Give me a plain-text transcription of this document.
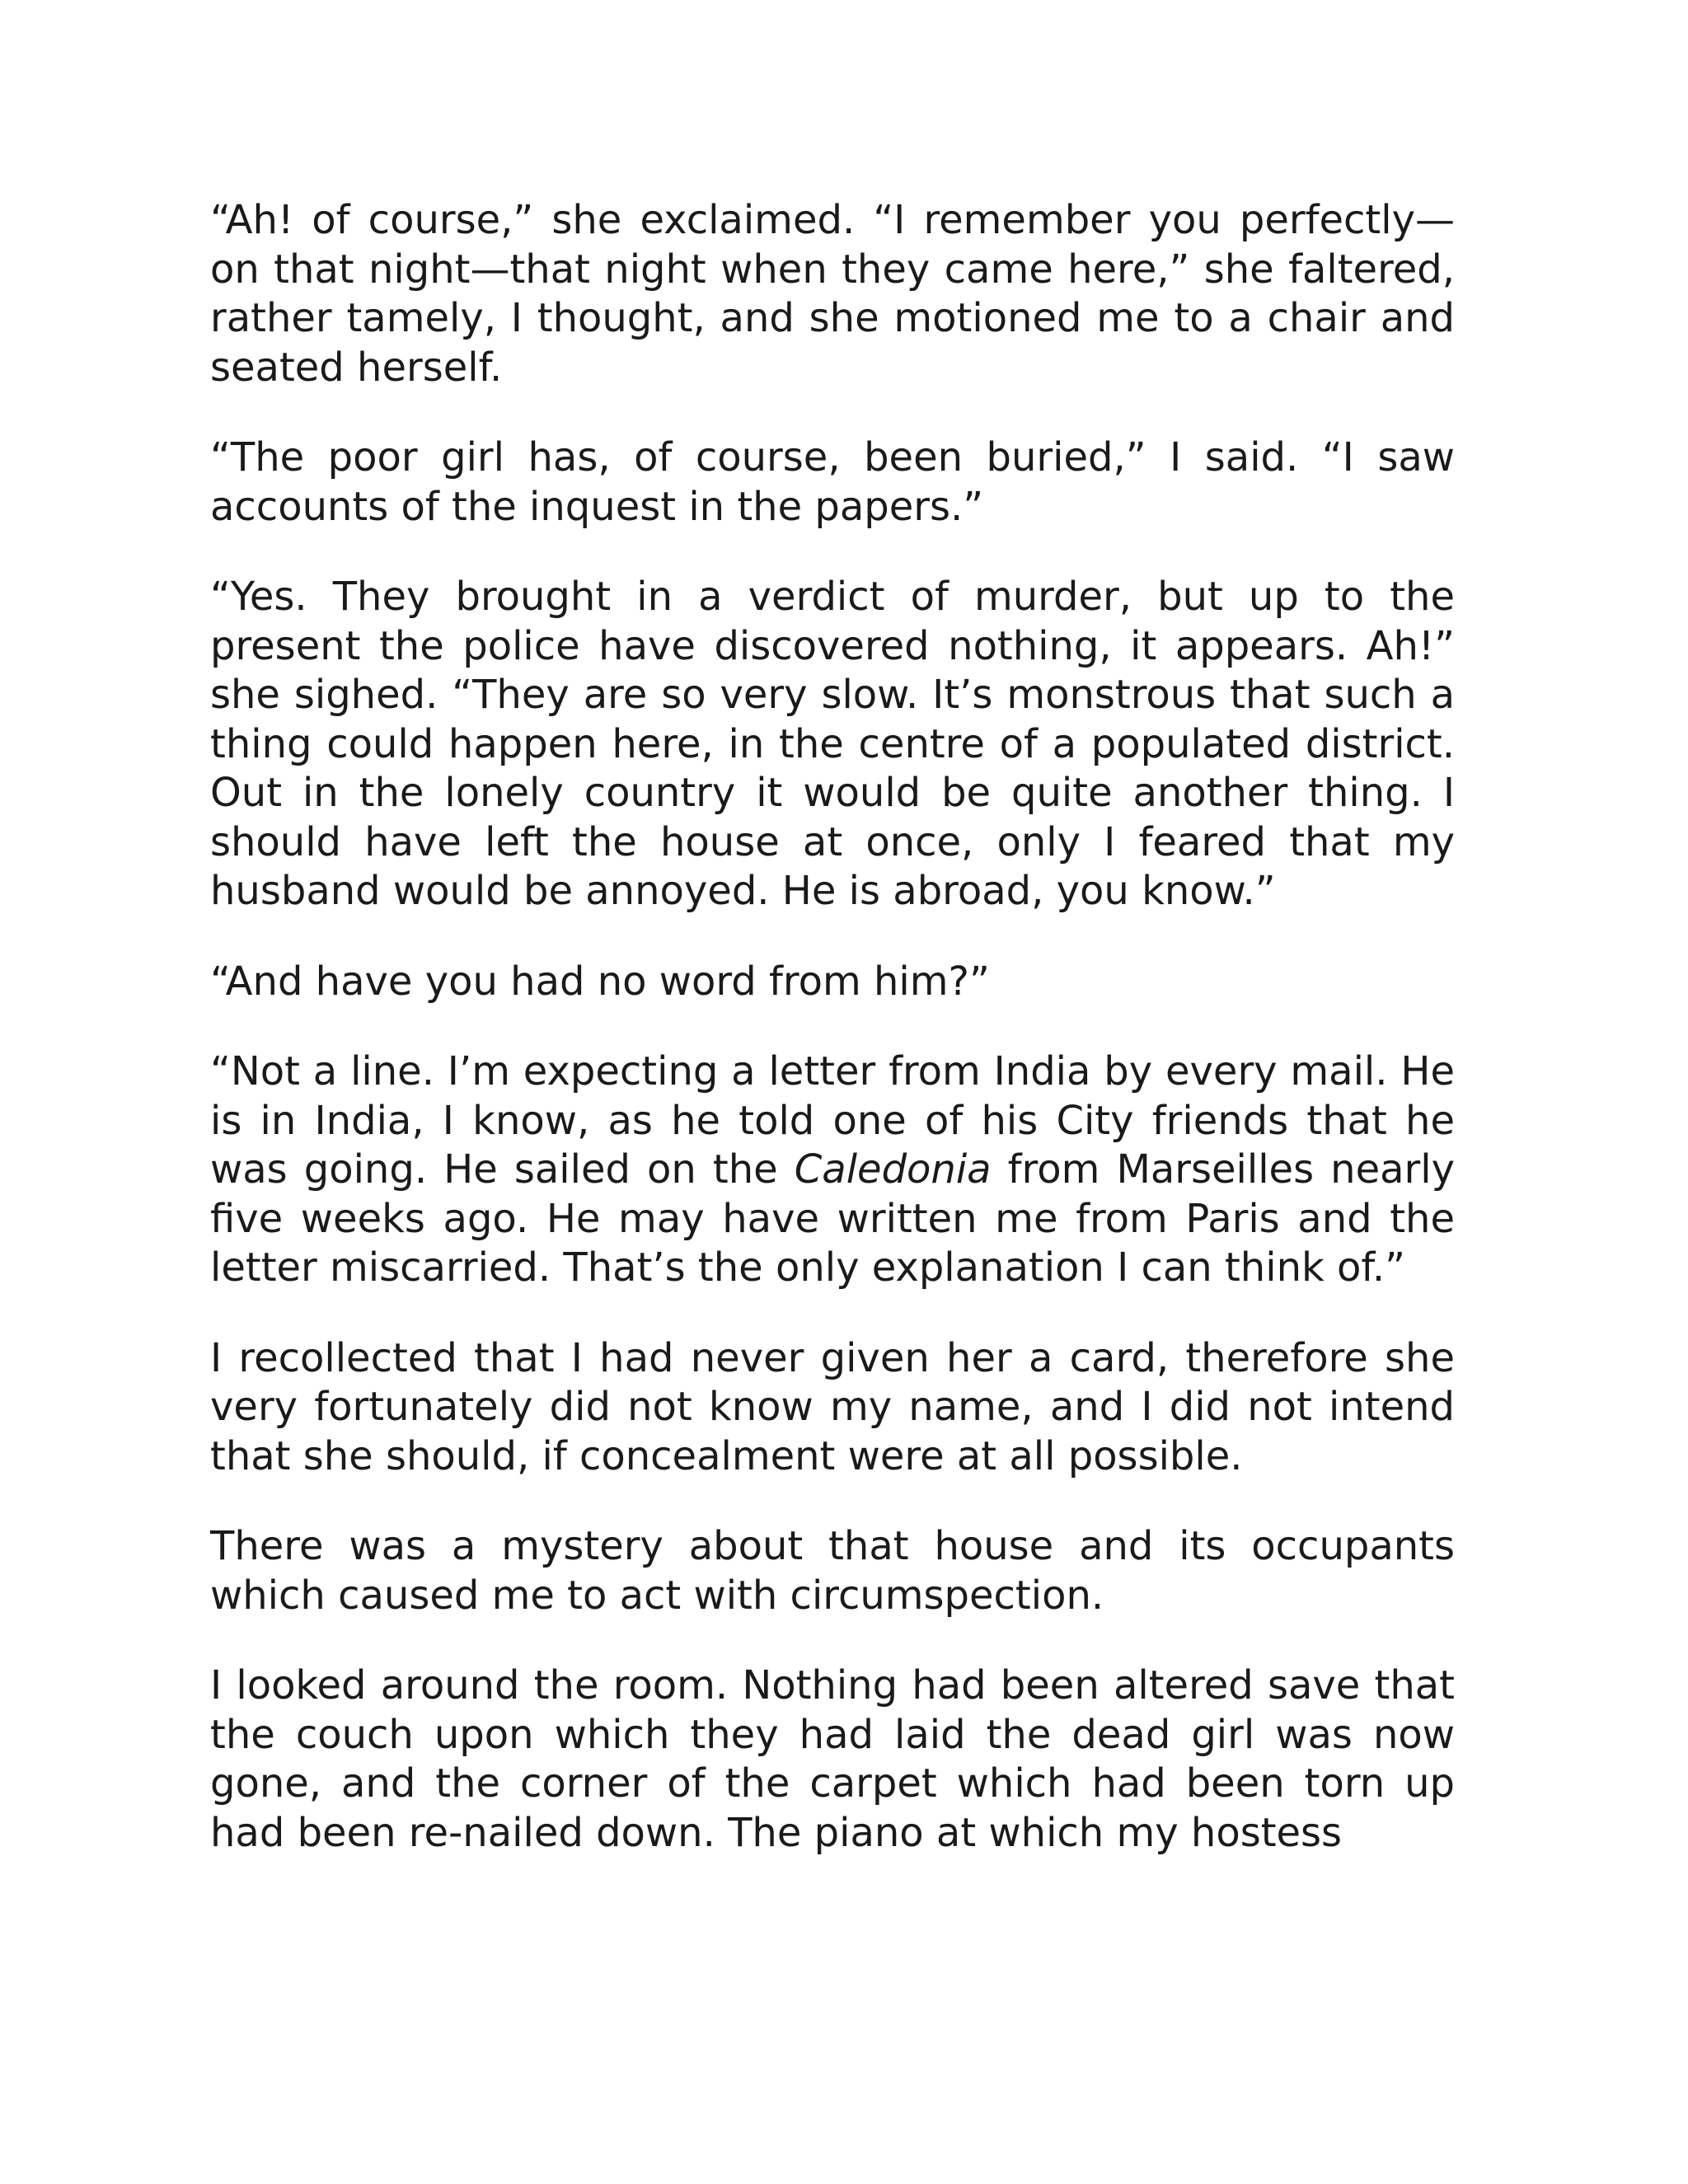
“Ah! of course,” she exclaimed. “I remember you perfectly—on that night—that night when they came here,” she faltered, rather tamely, I thought, and she motioned me to a chair and seated herself.

“The poor girl has, of course, been buried,” I said. “I saw accounts of the inquest in the papers.”

“Yes. They brought in a verdict of murder, but up to the present the police have discovered nothing, it appears. Ah!” she sighed. “They are so very slow. It’s monstrous that such a thing could happen here, in the centre of a populated district. Out in the lonely country it would be quite another thing. I should have left the house at once, only I feared that my husband would be annoyed. He is abroad, you know.”

“And have you had no word from him?”

“Not a line. I’m expecting a letter from India by every mail. He is in India, I know, as he told one of his City friends that he was going. He sailed on the Caledonia from Marseilles nearly five weeks ago. He may have written me from Paris and the letter miscarried. That’s the only explanation I can think of.”

I recollected that I had never given her a card, therefore she very fortunately did not know my name, and I did not intend that she should, if concealment were at all possible.

There was a mystery about that house and its occupants which caused me to act with circumspection.

I looked around the room. Nothing had been altered save that the couch upon which they had laid the dead girl was now gone, and the corner of the carpet which had been torn up had been re-nailed down. The piano at which my hostess
